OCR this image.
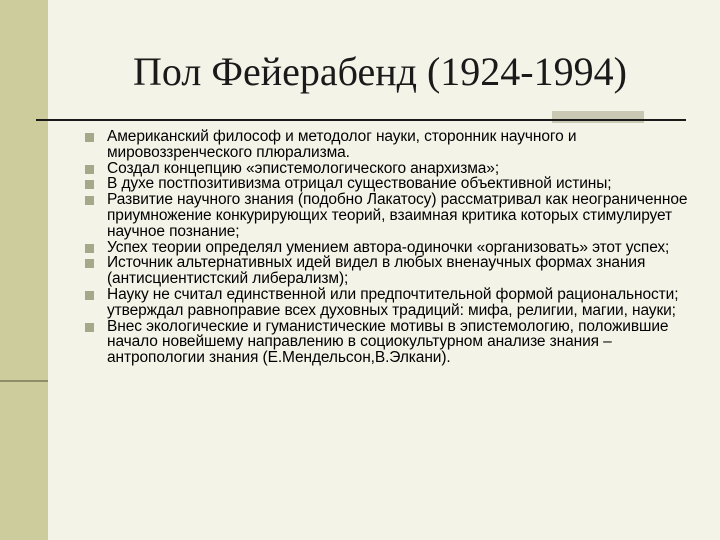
Пол Фейерабенд (1924-1994)
Американский философ и методолог науки, сторонник научного и мировоззренческого плюрализма.
Создал концепцию «эпистемологического анархизма»;
В духе постпозитивизма отрицал существование объективной истины;
Развитие научного знания (подобно Лакатосу) рассматривал как неограниченное приумножение конкурирующих теорий, взаимная критика которых стимулирует научное познание;
Успех теории определял умением автора-одиночки «организовать» этот успех;
Источник альтернативных идей видел в любых вненаучных формах знания (антисциентистский либерализм);
Науку не считал единственной или предпочтительной формой рациональности; утверждал равноправие всех духовных традиций: мифа, религии, магии, науки;
Внес экологические и гуманистические мотивы в эпистемологию, положившие начало новейшему направлению в социокультурном анализе знания – антропологии знания (Е.Мендельсон,В.Элкани).
